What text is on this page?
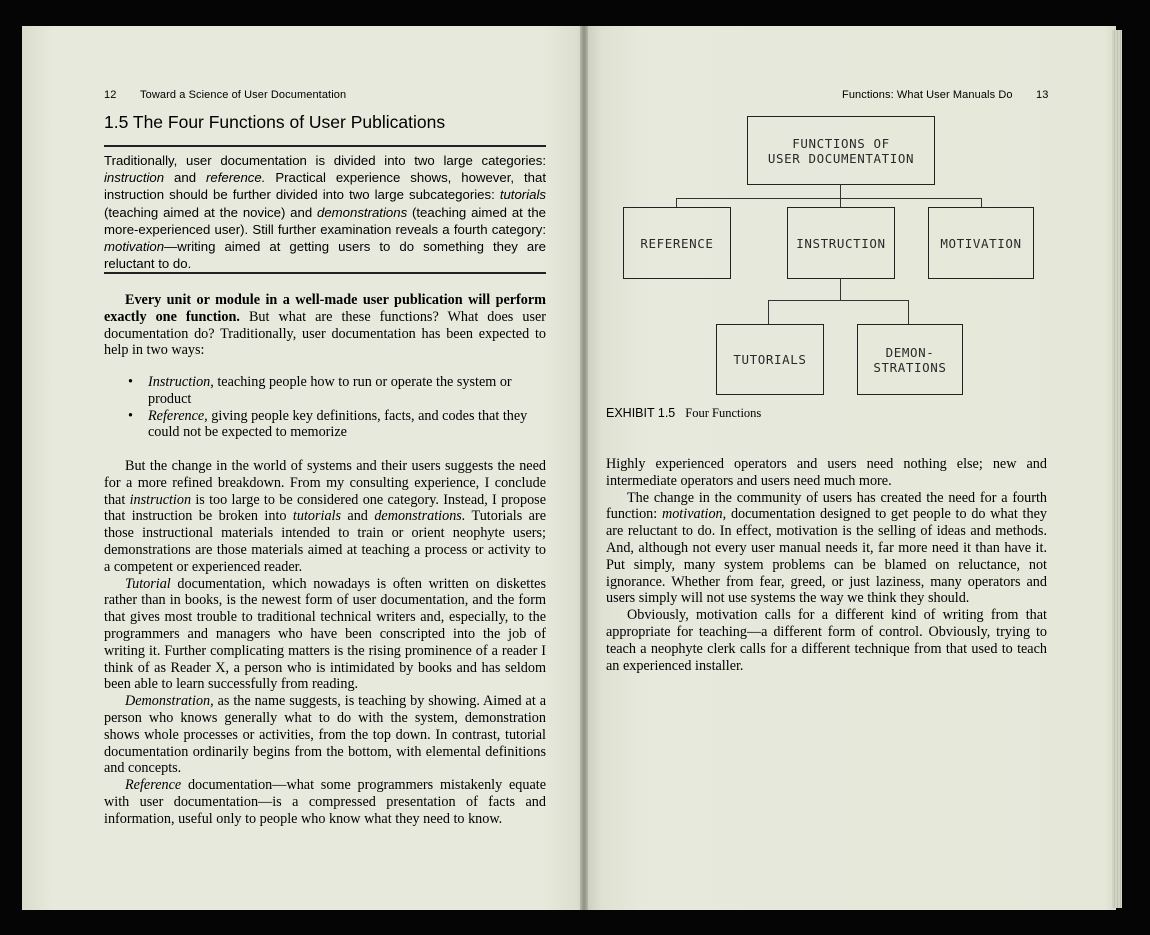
12 Toward a Science of User Documentation
1.5 The Four Functions of User Publications
Traditionally, user documentation is divided into two large categories: instruction and reference. Practical experience shows, however, that instruction should be further divided into two large subcategories: tutorials (teaching aimed at the novice) and demonstrations (teaching aimed at the more-experienced user). Still further examination reveals a fourth category: motivation—writing aimed at getting users to do something they are reluctant to do.

Every unit or module in a well-made user publication will perform exactly one function. But what are these functions? What does user documentation do? Traditionally, user documentation has been expected to help in two ways:

• Instruction, teaching people how to run or operate the system or product
• Reference, giving people key definitions, facts, and codes that they could not be expected to memorize

But the change in the world of systems and their users suggests the need for a more refined breakdown. From my consulting experience, I conclude that instruction is too large to be considered one category. Instead, I propose that instruction be broken into tutorials and demonstrations. Tutorials are those instructional materials intended to train or orient neophyte users; demonstrations are those materials aimed at teaching a process or activity to a competent or experienced reader.

Tutorial documentation, which nowadays is often written on diskettes rather than in books, is the newest form of user documentation, and the form that gives most trouble to traditional technical writers and, especially, to the programmers and managers who have been conscripted into the job of writing it. Further complicating matters is the rising prominence of a reader I think of as Reader X, a person who is intimidated by books and has seldom been able to learn successfully from reading.

Demonstration, as the name suggests, is teaching by showing. Aimed at a person who knows generally what to do with the system, demonstration shows whole processes or activities, from the top down. In contrast, tutorial documentation ordinarily begins from the bottom, with elemental definitions and concepts.

Reference documentation—what some programmers mistakenly equate with user documentation—is a compressed presentation of facts and information, useful only to people who know what they need to know.

Functions: What User Manuals Do 13
FUNCTIONS OF
USER DOCUMENTATION
REFERENCE	INSTRUCTION	MOTIVATION
TUTORIALS	DEMON-
STRATIONS
EXHIBIT 1.5 Four Functions

Highly experienced operators and users need nothing else; new and intermediate operators and users need much more.

The change in the community of users has created the need for a fourth function: motivation, documentation designed to get people to do what they are reluctant to do. In effect, motivation is the selling of ideas and methods. And, although not every user manual needs it, far more need it than have it. Put simply, many system problems can be blamed on reluctance, not ignorance. Whether from fear, greed, or just laziness, many operators and users simply will not use systems the way we think they should.

Obviously, motivation calls for a different kind of writing from that appropriate for teaching—a different form of control. Obviously, trying to teach a neophyte clerk calls for a different technique from that used to teach an experienced installer.
